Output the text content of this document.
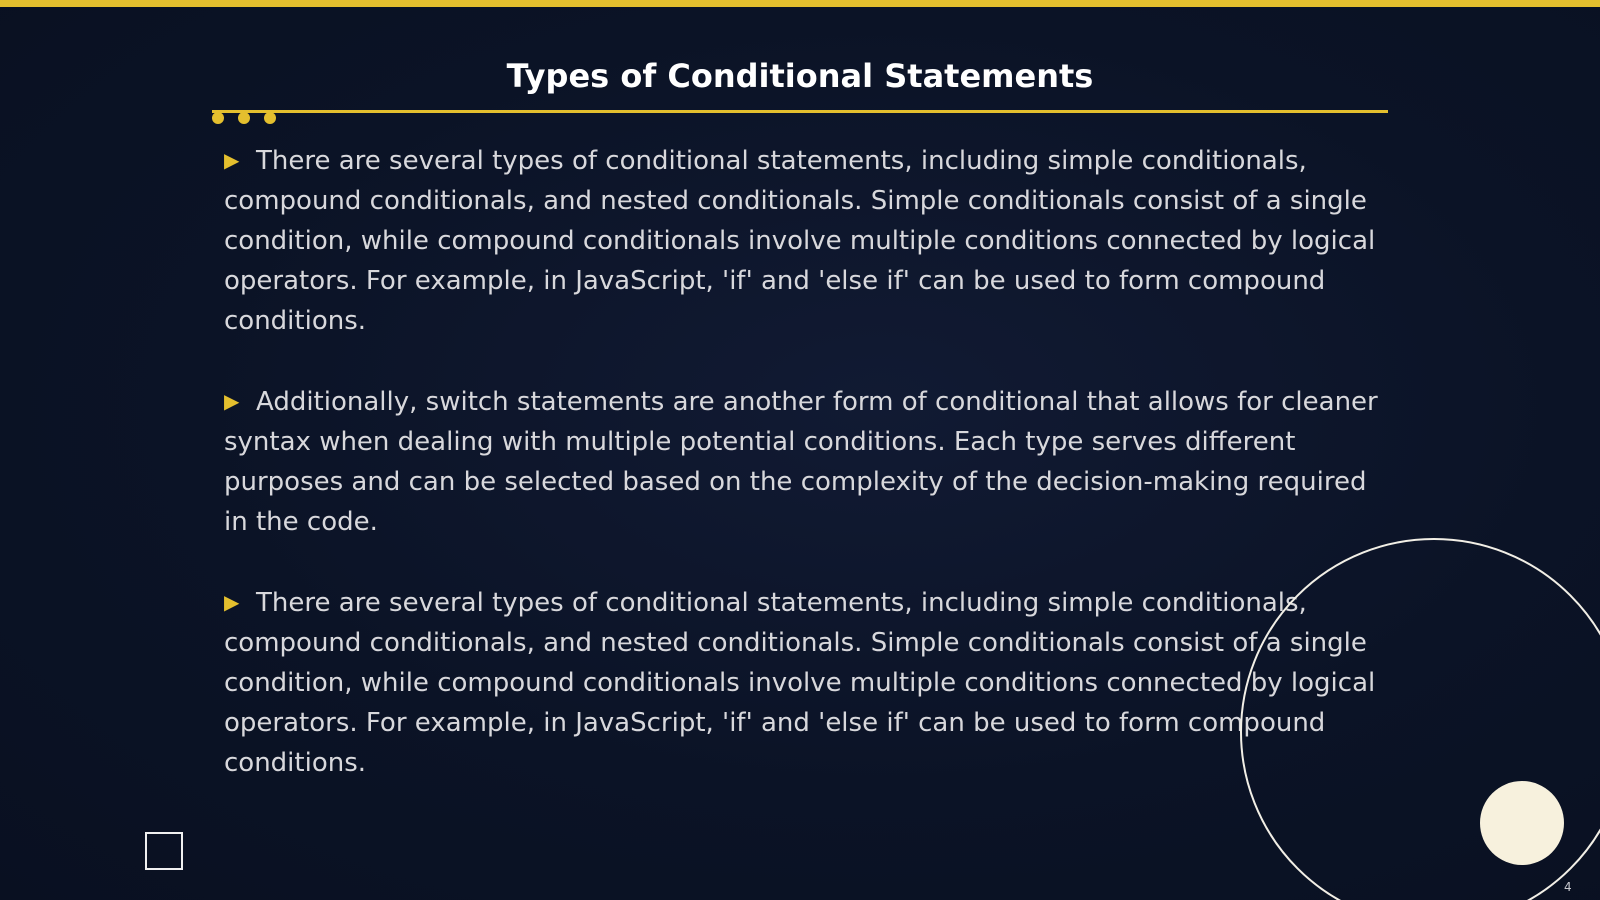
Types of Conditional Statements

▶ There are several types of conditional statements, including simple conditionals, compound conditionals, and nested conditionals. Simple conditionals consist of a single condition, while compound conditionals involve multiple conditions connected by logical operators. For example, in JavaScript, 'if' and 'else if' can be used to form compound conditions.

▶ Additionally, switch statements are another form of conditional that allows for cleaner syntax when dealing with multiple potential conditions. Each type serves different purposes and can be selected based on the complexity of the decision-making required in the code.

▶ There are several types of conditional statements, including simple conditionals, compound conditionals, and nested conditionals. Simple conditionals consist of a single condition, while compound conditionals involve multiple conditions connected by logical operators. For example, in JavaScript, 'if' and 'else if' can be used to form compound conditions.

4
